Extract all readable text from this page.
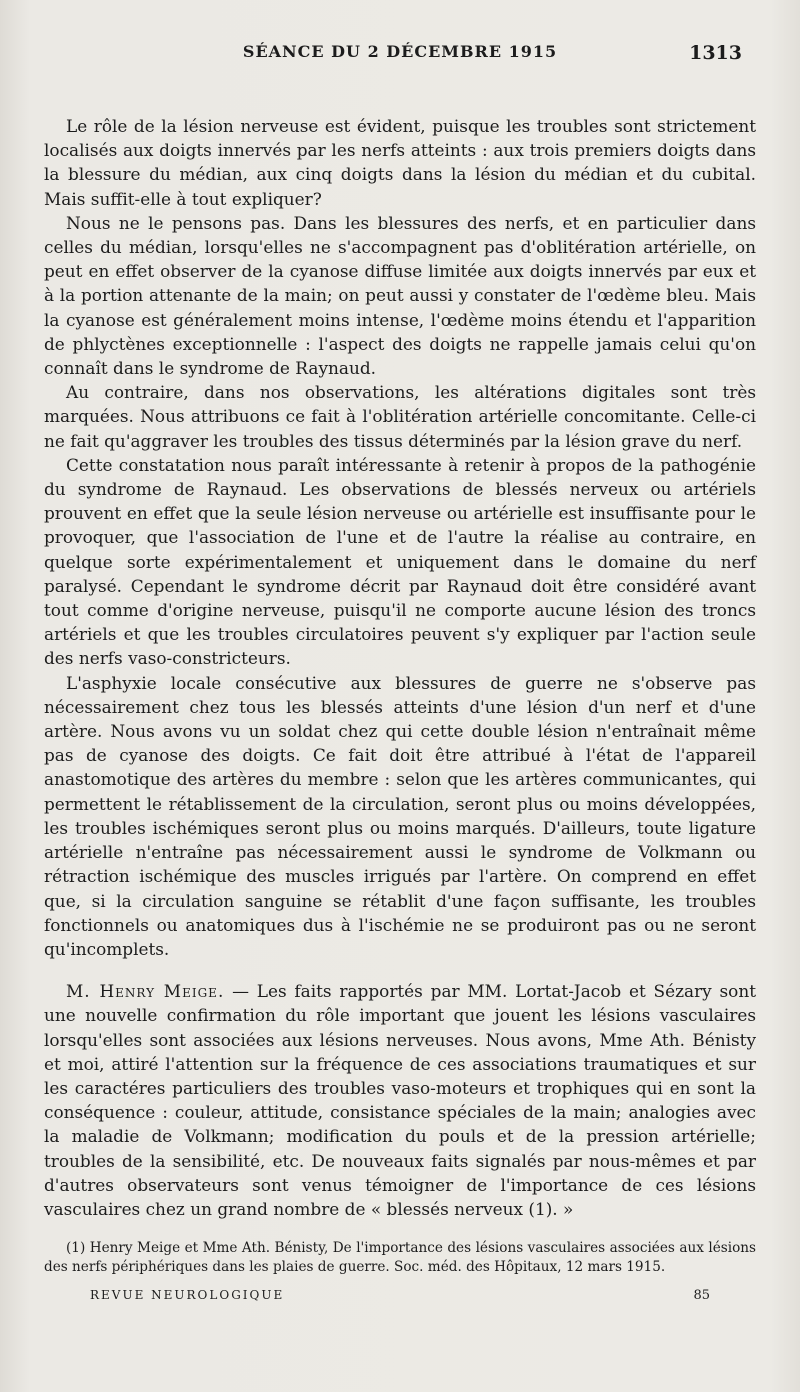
SÉANCE DU 2 DÉCEMBRE 1915	1313

Le rôle de la lésion nerveuse est évident, puisque les troubles sont strictement localisés aux doigts innervés par les nerfs atteints : aux trois premiers doigts dans la blessure du médian, aux cinq doigts dans la lésion du médian et du cubital. Mais suffit-elle à tout expliquer?

Nous ne le pensons pas. Dans les blessures des nerfs, et en particulier dans celles du médian, lorsqu'elles ne s'accompagnent pas d'oblitération artérielle, on peut en effet observer de la cyanose diffuse limitée aux doigts innervés par eux et à la portion attenante de la main; on peut aussi y constater de l'œdème bleu. Mais la cyanose est généralement moins intense, l'œdème moins étendu et l'apparition de phlyctènes exceptionnelle : l'aspect des doigts ne rappelle jamais celui qu'on connaît dans le syndrome de Raynaud.

Au contraire, dans nos observations, les altérations digitales sont très marquées. Nous attribuons ce fait à l'oblitération artérielle concomitante. Celle-ci ne fait qu'aggraver les troubles des tissus déterminés par la lésion grave du nerf.

Cette constatation nous paraît intéressante à retenir à propos de la pathogénie du syndrome de Raynaud. Les observations de blessés nerveux ou artériels prouvent en effet que la seule lésion nerveuse ou artérielle est insuffisante pour le provoquer, que l'association de l'une et de l'autre la réalise au contraire, en quelque sorte expérimentalement et uniquement dans le domaine du nerf paralysé. Cependant le syndrome décrit par Raynaud doit être considéré avant tout comme d'origine nerveuse, puisqu'il ne comporte aucune lésion des troncs artériels et que les troubles circulatoires peuvent s'y expliquer par l'action seule des nerfs vaso-constricteurs.

L'asphyxie locale consécutive aux blessures de guerre ne s'observe pas nécessairement chez tous les blessés atteints d'une lésion d'un nerf et d'une artère. Nous avons vu un soldat chez qui cette double lésion n'entraînait même pas de cyanose des doigts. Ce fait doit être attribué à l'état de l'appareil anastomotique des artères du membre : selon que les artères communicantes, qui permettent le rétablissement de la circulation, seront plus ou moins développées, les troubles ischémiques seront plus ou moins marqués. D'ailleurs, toute ligature artérielle n'entraîne pas nécessairement aussi le syndrome de Volkmann ou rétraction ischémique des muscles irrigués par l'artère. On comprend en effet que, si la circulation sanguine se rétablit d'une façon suffisante, les troubles fonctionnels ou anatomiques dus à l'ischémie ne se produiront pas ou ne seront qu'incomplets.

M. Henry Meige. — Les faits rapportés par MM. Lortat-Jacob et Sézary sont une nouvelle confirmation du rôle important que jouent les lésions vasculaires lorsqu'elles sont associées aux lésions nerveuses. Nous avons, Mme Ath. Bénisty et moi, attiré l'attention sur la fréquence de ces associations traumatiques et sur les caractéres particuliers des troubles vaso-moteurs et trophiques qui en sont la conséquence : couleur, attitude, consistance spéciales de la main; analogies avec la maladie de Volkmann; modification du pouls et de la pression artérielle; troubles de la sensibilité, etc. De nouveaux faits signalés par nous-mêmes et par d'autres observateurs sont venus témoigner de l'importance de ces lésions vasculaires chez un grand nombre de « blessés nerveux (1). »

(1) Henry Meige et Mme Ath. Bénisty, De l'importance des lésions vasculaires associées aux lésions des nerfs périphériques dans les plaies de guerre. Soc. méd. des Hôpitaux, 12 mars 1915.
REVUE NEUROLOGIQUE	85
